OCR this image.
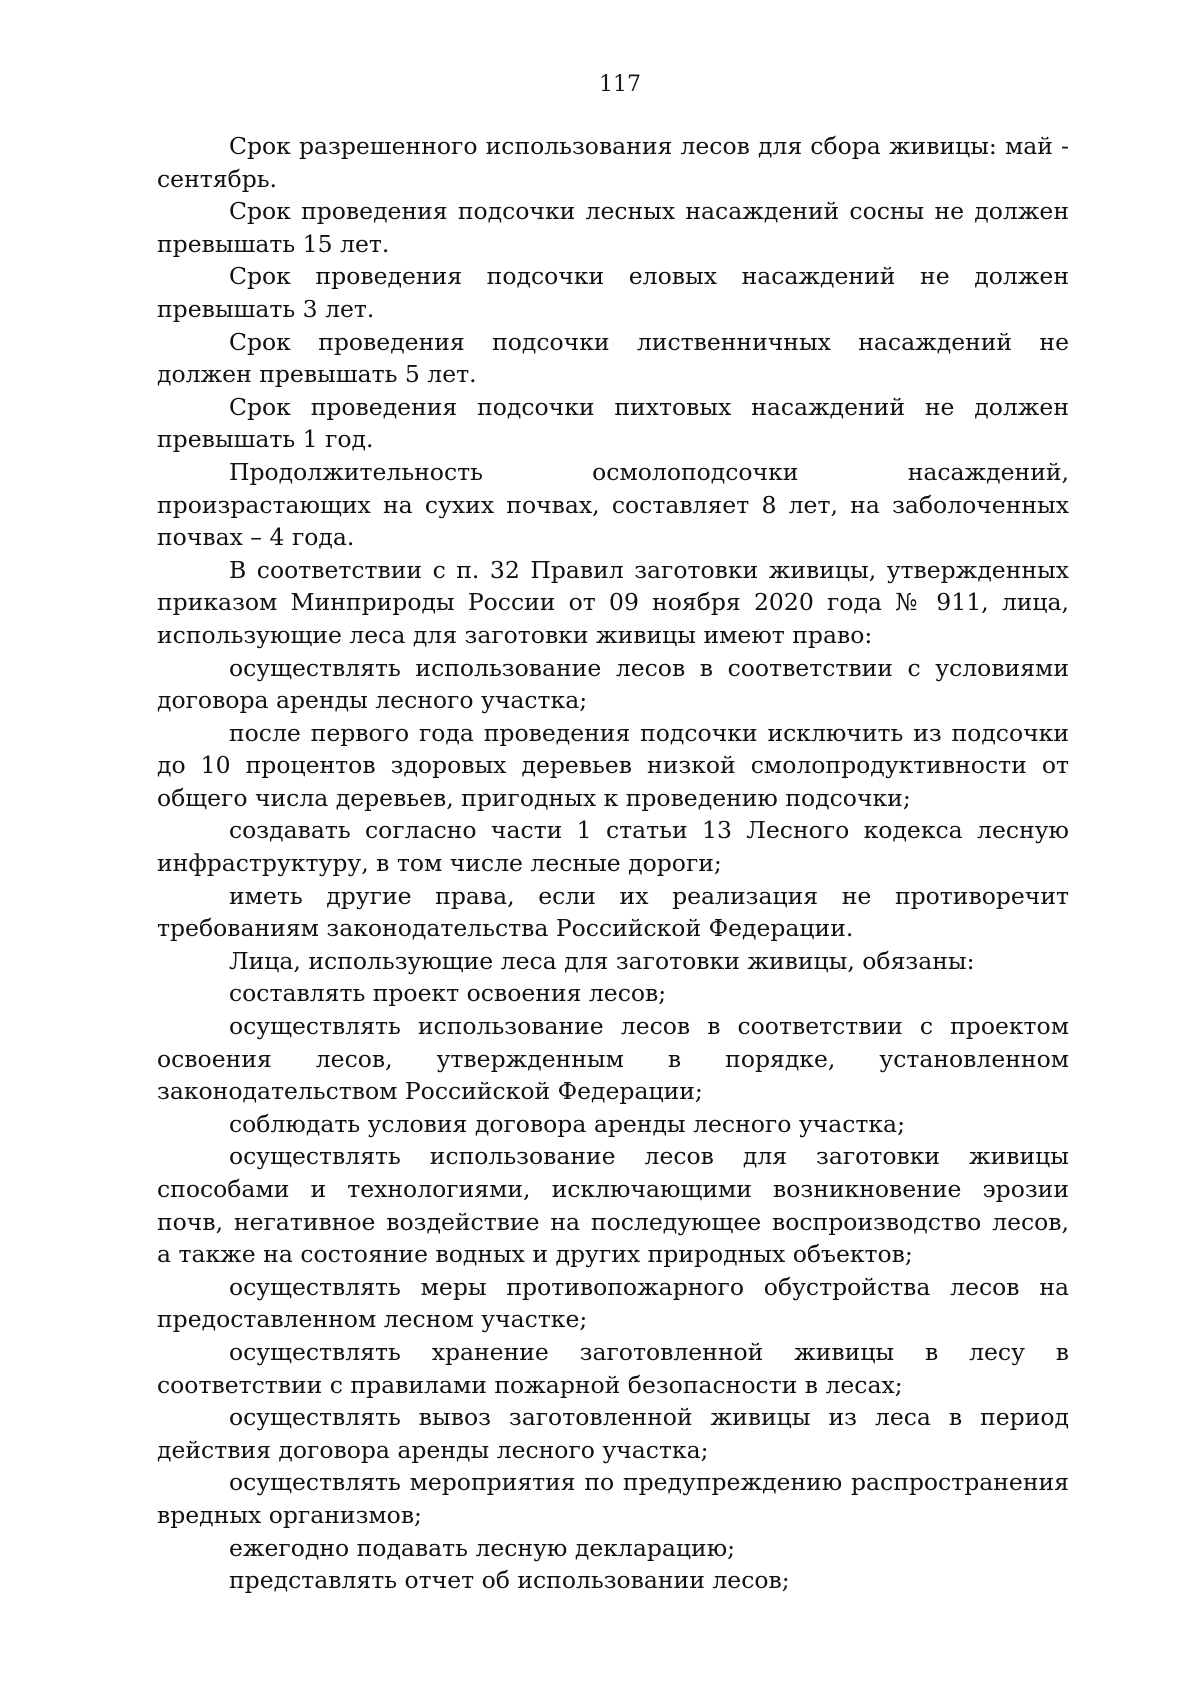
117

Срок разрешенного использования лесов для сбора живицы: май - сентябрь.

Срок проведения подсочки лесных насаждений сосны не должен превышать 15 лет.

Срок проведения подсочки еловых насаждений не должен превышать 3 лет.

Срок проведения подсочки лиственничных насаждений не должен превышать 5 лет.

Срок проведения подсочки пихтовых насаждений не должен превышать 1 год.

Продолжительность осмолоподсочки насаждений, произрастающих на сухих почвах, составляет 8 лет, на заболоченных почвах – 4 года.

В соответствии с п. 32 Правил заготовки живицы, утвержденных приказом Минприроды России от 09 ноября 2020 года № 911, лица, использующие леса для заготовки живицы имеют право:

осуществлять использование лесов в соответствии с условиями договора аренды лесного участка;

после первого года проведения подсочки исключить из подсочки до 10 процентов здоровых деревьев низкой смолопродуктивности от общего числа деревьев, пригодных к проведению подсочки;

создавать согласно части 1 статьи 13 Лесного кодекса лесную инфраструктуру, в том числе лесные дороги;

иметь другие права, если их реализация не противоречит требованиям законодательства Российской Федерации.

Лица, использующие леса для заготовки живицы, обязаны:

составлять проект освоения лесов;

осуществлять использование лесов в соответствии с проектом освоения лесов, утвержденным в порядке, установленном законодательством Российской Федерации;

соблюдать условия договора аренды лесного участка;

осуществлять использование лесов для заготовки живицы способами и технологиями, исключающими возникновение эрозии почв, негативное воздействие на последующее воспроизводство лесов, а также на состояние водных и других природных объектов;

осуществлять меры противопожарного обустройства лесов на предоставленном лесном участке;

осуществлять хранение заготовленной живицы в лесу в соответствии с правилами пожарной безопасности в лесах;

осуществлять вывоз заготовленной живицы из леса в период действия договора аренды лесного участка;

осуществлять мероприятия по предупреждению распространения вредных организмов;

ежегодно подавать лесную декларацию;

представлять отчет об использовании лесов;
